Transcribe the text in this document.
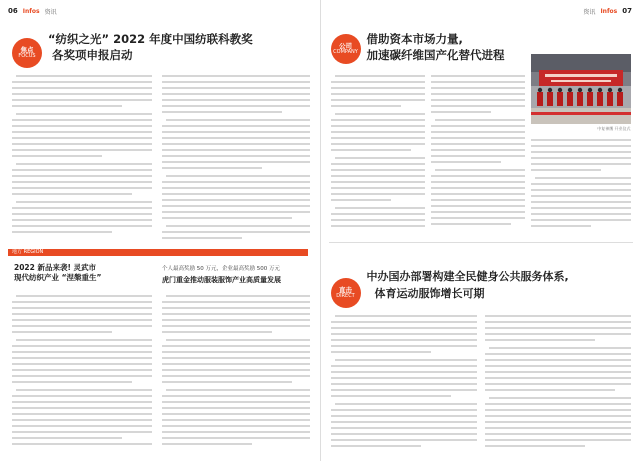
06 Infos 资讯
焦点
FOCUS
“纺织之光” 2022 年度中国纺联科教奖
各奖项申报启动
地方 REGION
2022 新品来袭! 灵武市
现代纺织产业 “涅槃重生”
个人最高奖励 50 万元，企业最高奖励 500 万元
虎门重金推动服装服饰产业高质量发展
资讯 Infos 07
公司
COMPANY
借助资本市场力量,
加速碳纤维国产化替代进程
中复神鹰 开业仪式
直击
DIRECT
中办国办部署构建全民健身公共服务体系,
体育运动服饰增长可期
